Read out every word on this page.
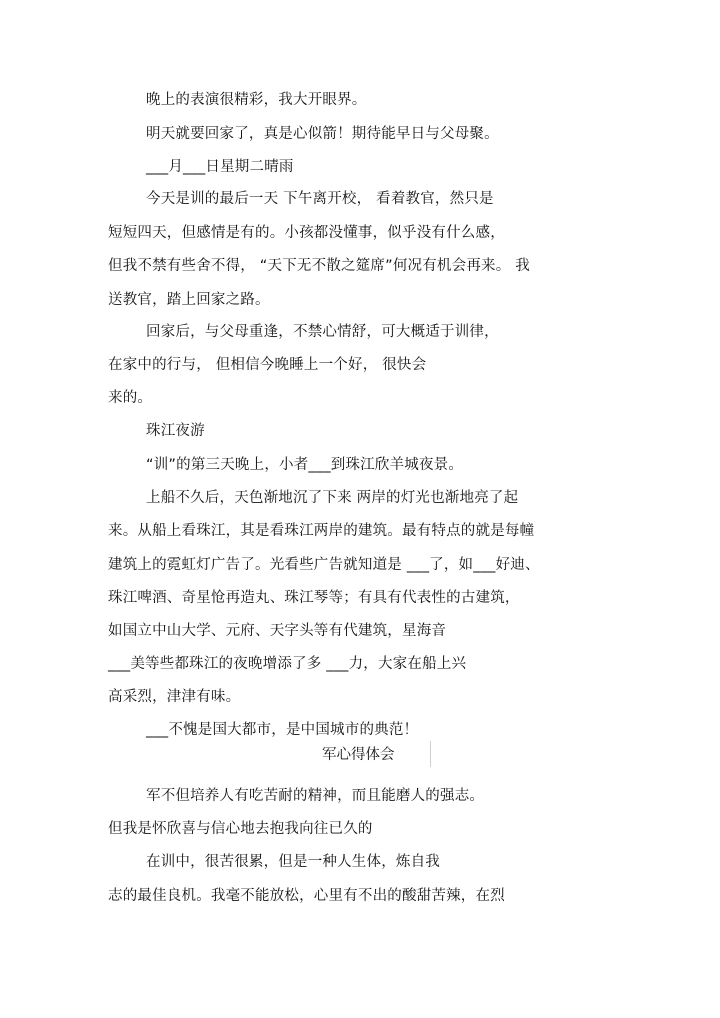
晚上的表演很精彩，我大开眼界。
明天就要回家了，真是心似箭！期待能早日与父母聚。
___月___日星期二晴雨
今天是训的最后一天 下午离开校， 看着教官，然只是
短短四天，但感情是有的。小孩都没懂事，似乎没有什么感，
但我不禁有些舍不得， “天下无不散之筵席”何况有机会再来。 我
送教官，踏上回家之路。
回家后，与父母重逢，不禁心情舒，可大概适于训律，
在家中的行与， 但相信今晚睡上一个好， 很快会
来的。
珠江夜游
“训”的第三天晚上，小者___到珠江欣羊城夜景。
上船不久后，天色渐地沉了下来 两岸的灯光也渐地亮了起
来。从船上看珠江，其是看珠江两岸的建筑。最有特点的就是每幢
建筑上的霓虹灯广告了。光看些广告就知道是 ___了，如___好迪、
珠江啤酒、奇星怆再造丸、珠江琴等；有具有代表性的古建筑，
如国立中山大学、元府、天字头等有代建筑，星海音
___美等些都珠江的夜晚增添了多 ___力，大家在船上兴
高采烈，津津有味。
___不愧是国大都市，是中国城市的典范！
军心得体会
军不但培养人有吃苦耐的精神，而且能磨人的强志。
但我是怀欣喜与信心地去抱我向往已久的
在训中，很苦很累，但是一种人生体，炼自我
志的最佳良机。我毫不能放松，心里有不出的酸甜苦辣，在烈
